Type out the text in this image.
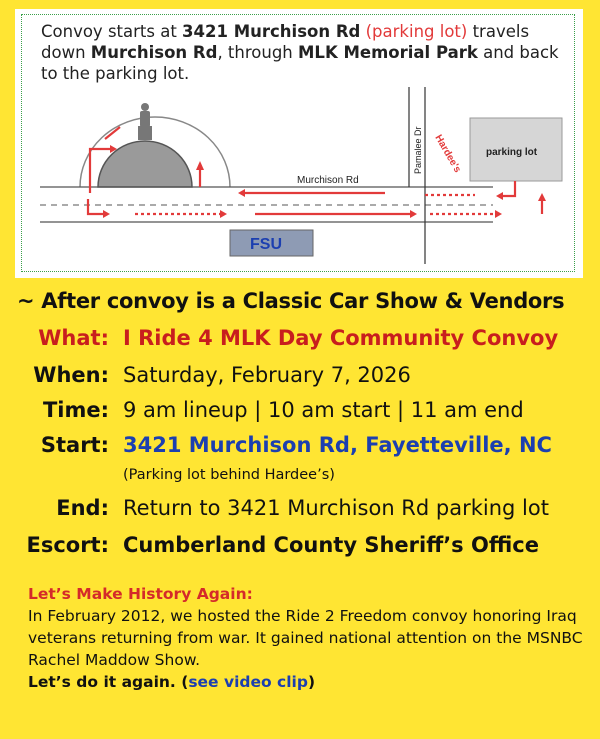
Convoy starts at 3421 Murchison Rd (parking lot) travels down Murchison Rd, through MLK Memorial Park and back to the parking lot.
Murchison Rd
Pamalee Dr Hardee's parking lot
FSU
~ After convoy is a Classic Car Show & Vendors
What: I Ride 4 MLK Day Community Convoy
When: Saturday, February 7, 2026
Time: 9 am lineup | 10 am start | 11 am end
Start: 3421 Murchison Rd, Fayetteville, NC
(Parking lot behind Hardee’s)
End: Return to 3421 Murchison Rd parking lot
Escort: Cumberland County Sheriff’s Office
Let’s Make History Again:
In February 2012, we hosted the Ride 2 Freedom convoy honoring Iraq veterans returning from war. It gained national attention on the MSNBC Rachel Maddow Show.
Let’s do it again. (see video clip)
